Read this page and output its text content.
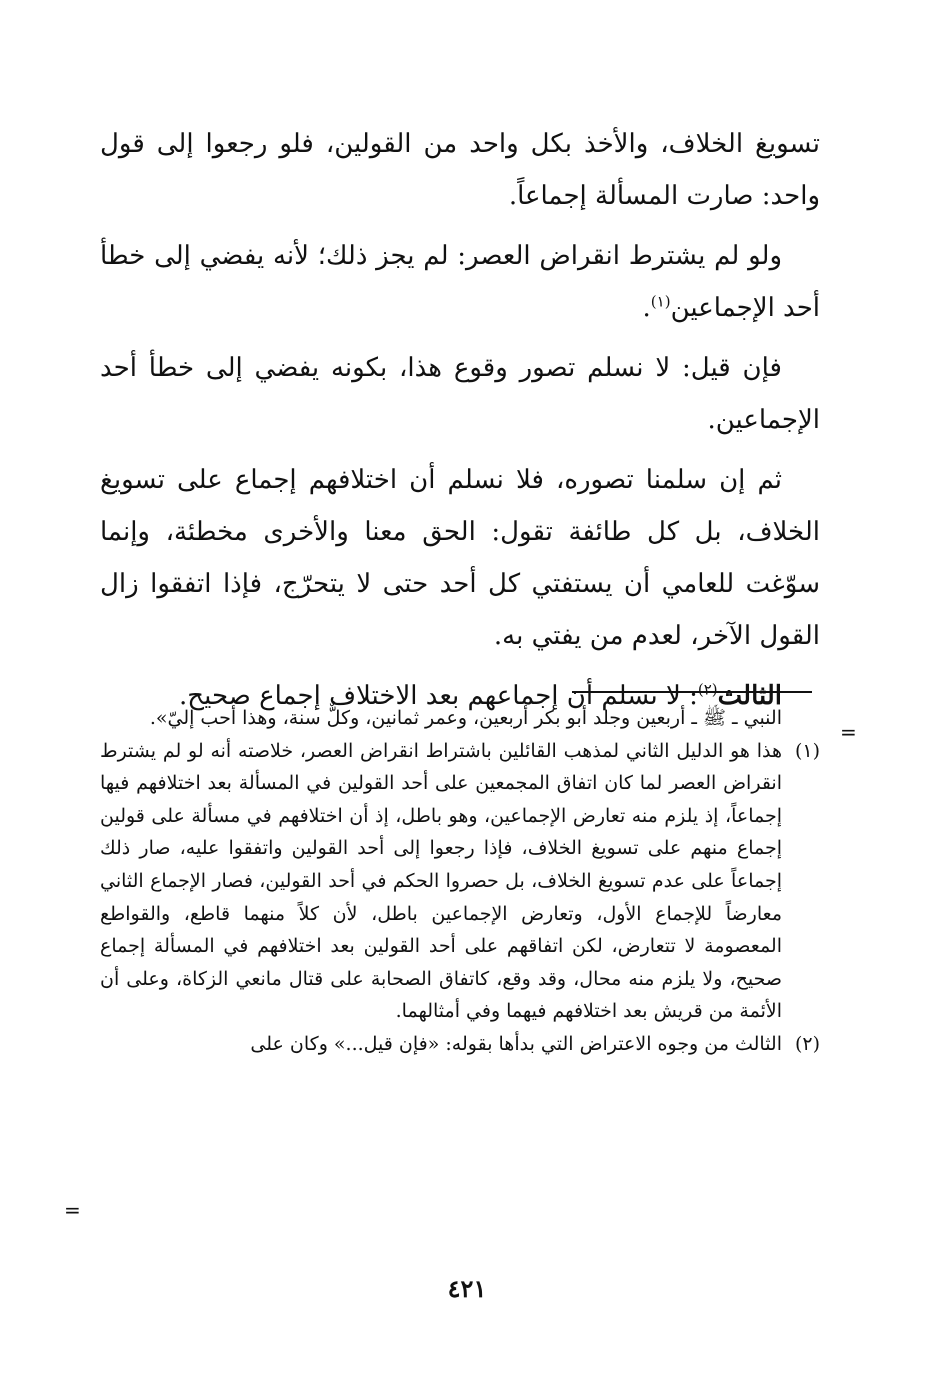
تسويغ الخلاف، والأخذ بكل واحد من القولين، فلو رجعوا إلى قول واحد: صارت المسألة إجماعاً.

ولو لم يشترط انقراض العصر: لم يجز ذلك؛ لأنه يفضي إلى خطأ أحد الإجماعين$^{(١)}$.

فإن قيل: لا نسلم تصور وقوع هذا، بكونه يفضي إلى خطأ أحد الإجماعين.

ثم إن سلمنا تصوره، فلا نسلم أن اختلافهم إجماع على تسويغ الخلاف، بل كل طائفة تقول: الحق معنا والأخرى مخطئة، وإنما سوّغت للعامي أن يستفتي كل أحد حتى لا يتحرّج، فإذا اتفقوا زال القول الآخر، لعدم من يفتي به.

الثالث$^{(٢)}$: لا نسلم أن إجماعهم بعد الاختلاف إجماع صحيح.

=

النبي ـ ﷺ ـ أربعين وجلد أبو بكر أربعين، وعمر ثمانين، وكلٌّ سنة، وهذا أحب إليّ».

(١)
هذا هو الدليل الثاني لمذهب القائلين باشتراط انقراض العصر، خلاصته أنه لو لم يشترط انقراض العصر لما كان اتفاق المجمعين على أحد القولين في المسألة بعد اختلافهم فيها إجماعاً، إذ يلزم منه تعارض الإجماعين، وهو باطل، إذ أن اختلافهم في مسألة على قولين إجماع منهم على تسويغ الخلاف، فإذا رجعوا إلى أحد القولين واتفقوا عليه، صار ذلك إجماعاً على عدم تسويغ الخلاف، بل حصروا الحكم في أحد القولين، فصار الإجماع الثاني معارضاً للإجماع الأول، وتعارض الإجماعين باطل، لأن كلاً منهما قاطع، والقواطع المعصومة لا تتعارض، لكن اتفاقهم على أحد القولين بعد اختلافهم في المسألة إجماع صحيح، ولا يلزم منه محال، وقد وقع، كاتفاق الصحابة على قتال مانعي الزكاة، وعلى أن الأئمة من قريش بعد اختلافهم فيهما وفي أمثالهما.
(٢)
الثالث من وجوه الاعتراض التي بدأها بقوله: «فإن قيل...» وكان على
=
٤٢١
